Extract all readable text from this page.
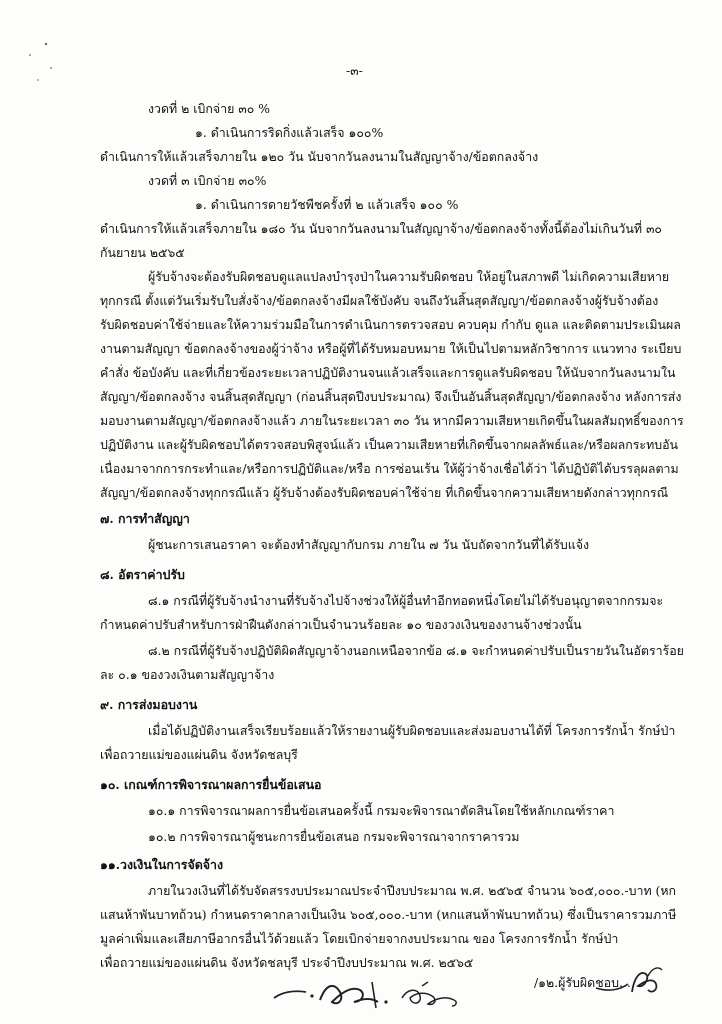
-๓-
งวดที่ ๒ เบิกจ่าย ๓๐ %
๑. ดำเนินการริดกิ่งแล้วเสร็จ ๑๐๐%
ดำเนินการให้แล้วเสร็จภายใน ๑๒๐ วัน นับจากวันลงนามในสัญญาจ้าง/ข้อตกลงจ้าง
งวดที่ ๓ เบิกจ่าย ๓๐%
๑. ดำเนินการดายวัชพืชครั้งที่ ๒ แล้วเสร็จ ๑๐๐ %
ดำเนินการให้แล้วเสร็จภายใน ๑๘๐ วัน นับจากวันลงนามในสัญญาจ้าง/ข้อตกลงจ้างทั้งนี้ต้องไม่เกินวันที่ ๓๐
กันยายน ๒๕๖๕
ผู้รับจ้างจะต้องรับผิดชอบดูแลแปลงบำรุงป่าในความรับผิดชอบ ให้อยู่ในสภาพดี ไม่เกิดความเสียหาย
ทุกกรณี ตั้งแต่วันเริ่มรับใบสั่งจ้าง/ข้อตกลงจ้างมีผลใช้บังคับ จนถึงวันสิ้นสุดสัญญา/ข้อตกลงจ้างผู้รับจ้างต้อง
รับผิดชอบค่าใช้จ่ายและให้ความร่วมมือในการดำเนินการตรวจสอบ ควบคุม กำกับ ดูแล และติดตามประเมินผล
งานตามสัญญา ข้อตกลงจ้างของผู้ว่าจ้าง หรือผู้ที่ได้รับหมอบหมาย ให้เป็นไปตามหลักวิชาการ แนวทาง ระเบียบ
คำสั่ง ข้อบังคับ และที่เกี่ยวข้องระยะเวลาปฏิบัติงานจนแล้วเสร็จและการดูแลรับผิดชอบ ให้นับจากวันลงนามใน
สัญญา/ข้อตกลงจ้าง จนสิ้นสุดสัญญา (ก่อนสิ้นสุดปีงบประมาณ) จึงเป็นอันสิ้นสุดสัญญา/ข้อตกลงจ้าง หลังการส่ง
มอบงานตามสัญญา/ข้อตกลงจ้างแล้ว ภายในระยะเวลา ๓๐ วัน หากมีความเสียหายเกิดขึ้นในผลสัมฤทธิ์ของการ
ปฏิบัติงาน และผู้รับผิดชอบได้ตรวจสอบพิสูจน์แล้ว เป็นความเสียหายที่เกิดขึ้นจากผลลัพธ์และ/หรือผลกระทบอัน
เนื่องมาจากการกระทำและ/หรือการปฏิบัติและ/หรือ การซ่อนเร้น ให้ผู้ว่าจ้างเชื่อได้ว่า ได้ปฏิบัติได้บรรลุผลตาม
สัญญา/ข้อตกลงจ้างทุกกรณีแล้ว ผู้รับจ้างต้องรับผิดชอบค่าใช้จ่าย ที่เกิดขึ้นจากความเสียหายดังกล่าวทุกกรณี
๗. การทำสัญญา
ผู้ชนะการเสนอราคา จะต้องทำสัญญากับกรม ภายใน ๗ วัน นับถัดจากวันที่ได้รับแจ้ง
๘. อัตราค่าปรับ
๘.๑ กรณีที่ผู้รับจ้างนำงานที่รับจ้างไปจ้างช่วงให้ผู้อื่นทำอีกทอดหนึ่งโดยไม่ได้รับอนุญาตจากกรมจะ
กำหนดค่าปรับสำหรับการฝ่าฝืนดังกล่าวเป็นจำนวนร้อยละ ๑๐ ของวงเงินของงานจ้างช่วงนั้น
๘.๒ กรณีที่ผู้รับจ้างปฏิบัติผิดสัญญาจ้างนอกเหนือจากข้อ ๘.๑ จะกำหนดค่าปรับเป็นรายวันในอัตราร้อย
ละ ๐.๑ ของวงเงินตามสัญญาจ้าง
๙. การส่งมอบงาน
เมื่อได้ปฏิบัติงานเสร็จเรียบร้อยแล้วให้รายงานผู้รับผิดชอบและส่งมอบงานได้ที่ โครงการรักน้ำ รักษ์ป่า
เพื่อถวายแม่ของแผ่นดิน จังหวัดชลบุรี
๑๐. เกณฑ์การพิจารณาผลการยื่นข้อเสนอ
๑๐.๑ การพิจารณาผลการยื่นข้อเสนอครั้งนี้ กรมจะพิจารณาตัดสินโดยใช้หลักเกณฑ์ราคา
๑๐.๒ การพิจารณาผู้ชนะการยื่นข้อเสนอ กรมจะพิจารณาจากราคารวม
๑๑.วงเงินในการจัดจ้าง
ภายในวงเงินที่ได้รับจัดสรรงบประมาณประจำปีงบประมาณ พ.ศ. ๒๕๖๕ จำนวน ๖๐๕,๐๐๐.-บาท (หก
แสนห้าพันบาทถ้วน) กำหนดราคากลางเป็นเงิน ๖๐๕,๐๐๐.-บาท (หกแสนห้าพันบาทถ้วน) ซึ่งเป็นราคารวมภาษี
มูลค่าเพิ่มและเสียภาษีอากรอื่นไว้ด้วยแล้ว โดยเบิกจ่ายจากงบประมาณ ของ โครงการรักน้ำ รักษ์ป่า
เพื่อถวายแม่ของแผ่นดิน จังหวัดชลบุรี ประจำปีงบประมาณ พ.ศ. ๒๕๖๕
/๑๒.ผู้รับผิดชอบ...
